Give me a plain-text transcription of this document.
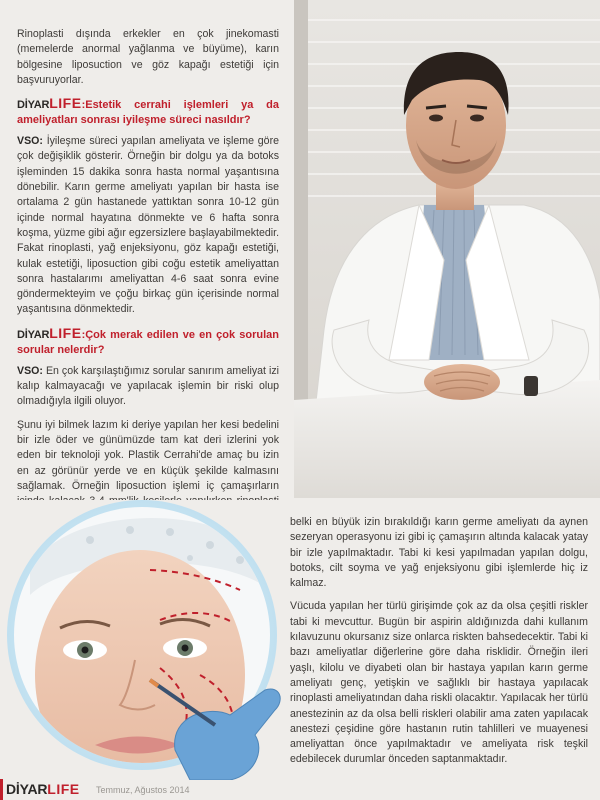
Rinoplasti dışında erkekler en çok jinekomasti (memelerde anormal yağlanma ve büyüme), karın bölgesine liposuction ve göz kapağı estetiği için başvuruyorlar.

DİYARLIFE:Estetik cerrahi işlemleri ya da ameliyatları sonrası iyileşme süreci nasıldır?

VSO: İyileşme süreci yapılan ameliyata ve işleme göre çok değişiklik gösterir. Örneğin bir dolgu ya da botoks işleminden 15 dakika sonra hasta normal yaşantısına dönebilir. Karın germe ameliyatı yapılan bir hasta ise ortalama 2 gün hastanede yattıktan sonra 10-12 gün içinde normal hayatına dönmekte ve 6 hafta sonra koşma, yüzme gibi ağır egzersizlere başlayabilmektedir. Fakat rinoplasti, yağ enjeksiyonu, göz kapağı estetiği, kulak estetiği, liposuction gibi coğu estetik ameliyattan sonra hastalarımı ameliyattan 4-6 saat sonra evine göndermekteyim ve çoğu birkaç gün içerisinde normal yaşantısına dönmektedir.

DİYARLIFE:Çok merak edilen ve en çok sorulan sorular nelerdir?

VSO: En çok karşılaştığımız sorular sanırım ameliyat izi kalıp kalmayacağı ve yapılacak işlemin bir riski olup olmadığıyla ilgili oluyor.

Şunu iyi bilmek lazım ki deriye yapılan her kesi bedelini bir izle öder ve günümüzde tam kat deri izlerini yok eden bir teknoloji yok. Plastik Cerrahi'de amaç bu izin en az görünür yerde ve en küçük şekilde kalmasını sağlamak. Örneğin liposuction işlemi iç çamaşırların

belki en büyük izin bırakıldığı karın germe ameliyatı da aynen sezeryan operasyonu izi gibi iç çamaşırın altında kalacak yatay bir izle yapılmaktadır. Tabi ki kesi yapılmadan yapılan dolgu, botoks, cilt soyma ve yağ enjeksiyonu gibi işlemlerde hiç iz kalmaz.

Vücuda yapılan her türlü girişimde çok az da olsa çeşitli riskler tabi ki mevcuttur. Bugün bir aspirin aldığınızda dahi kullanım kılavuzunu okursanız size onlarca riskten bahsedecektir. Tabi ki bazı ameliyatlar diğerlerine göre daha risklidir. Örneğin ileri yaşlı, kilolu ve diyabeti olan bir hastaya yapılan karın germe ameliyatı genç, yetişkin ve sağlıklı bir hastaya yapılacak rinoplasti ameliyatından daha riskli olacaktır. Yapılacak her türlü anestezinin az da olsa belli riskleri olabilir ama zaten yapılacak anestezi çeşidine göre hastanın rutin tahlilleri ve muayenesi ameliyattan önce yapılmaktadır ve ameliyata risk teşkil edebilecek durumlar önceden saptanmaktadır.

DİYARLIFE Temmuz, Ağustos 2014
